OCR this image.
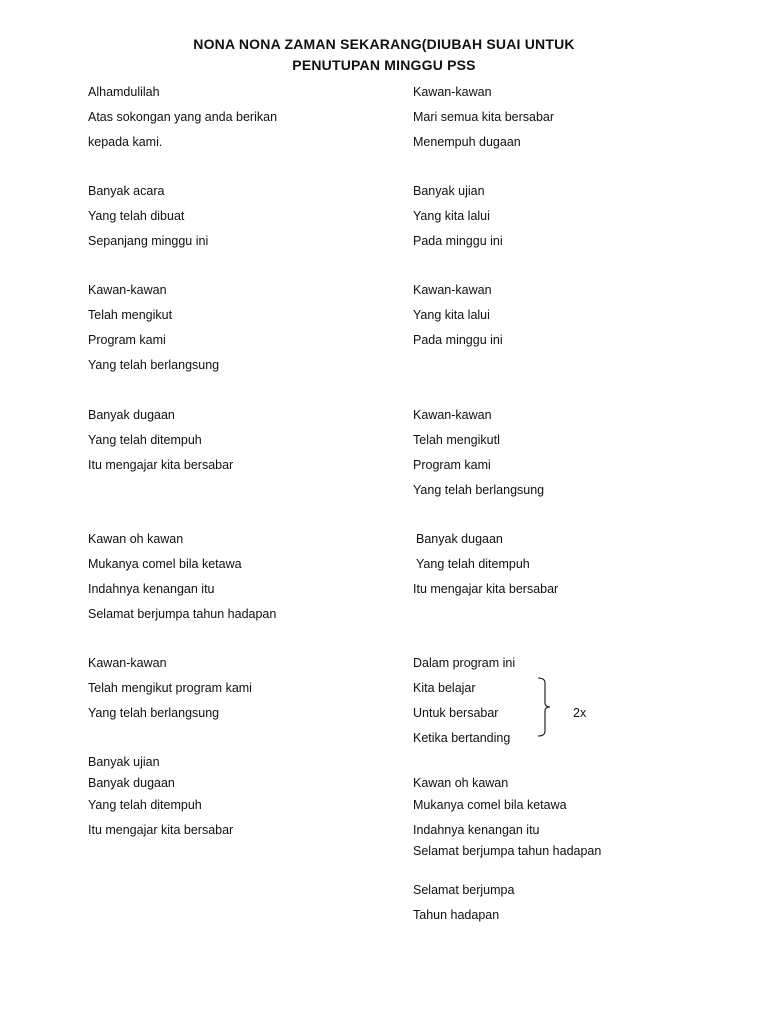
NONA NONA ZAMAN SEKARANG(DIUBAH SUAI UNTUK
PENUTUPAN MINGGU PSS
Alhamdulilah
Atas sokongan yang anda berikan
kepada kami.
Banyak acara
Yang telah dibuat
Sepanjang minggu ini
Kawan-kawan
Telah mengikut
Program kami
Yang telah berlangsung
Banyak dugaan
Yang telah ditempuh
Itu mengajar kita bersabar
Kawan oh kawan
Mukanya comel bila ketawa
Indahnya kenangan itu
Selamat berjumpa tahun hadapan
Kawan-kawan
Telah mengikut program kami
Yang telah berlangsung
Banyak ujian
Banyak dugaan
Yang telah ditempuh
Itu mengajar kita bersabar
Kawan-kawan
Mari semua kita bersabar
Menempuh dugaan
Banyak ujian
Yang kita lalui
Pada minggu ini
Kawan-kawan
Yang kita lalui
Pada minggu ini
Kawan-kawan
Telah mengikutl
Program kami
Yang telah berlangsung
Banyak dugaan
Yang telah ditempuh
Itu mengajar kita bersabar
Dalam program ini
Kita belajar
Untuk bersabar
Ketika bertanding
Kawan oh kawan
Mukanya comel bila ketawa
Indahnya kenangan itu
Selamat berjumpa tahun hadapan
Selamat berjumpa
Tahun hadapan
2x
